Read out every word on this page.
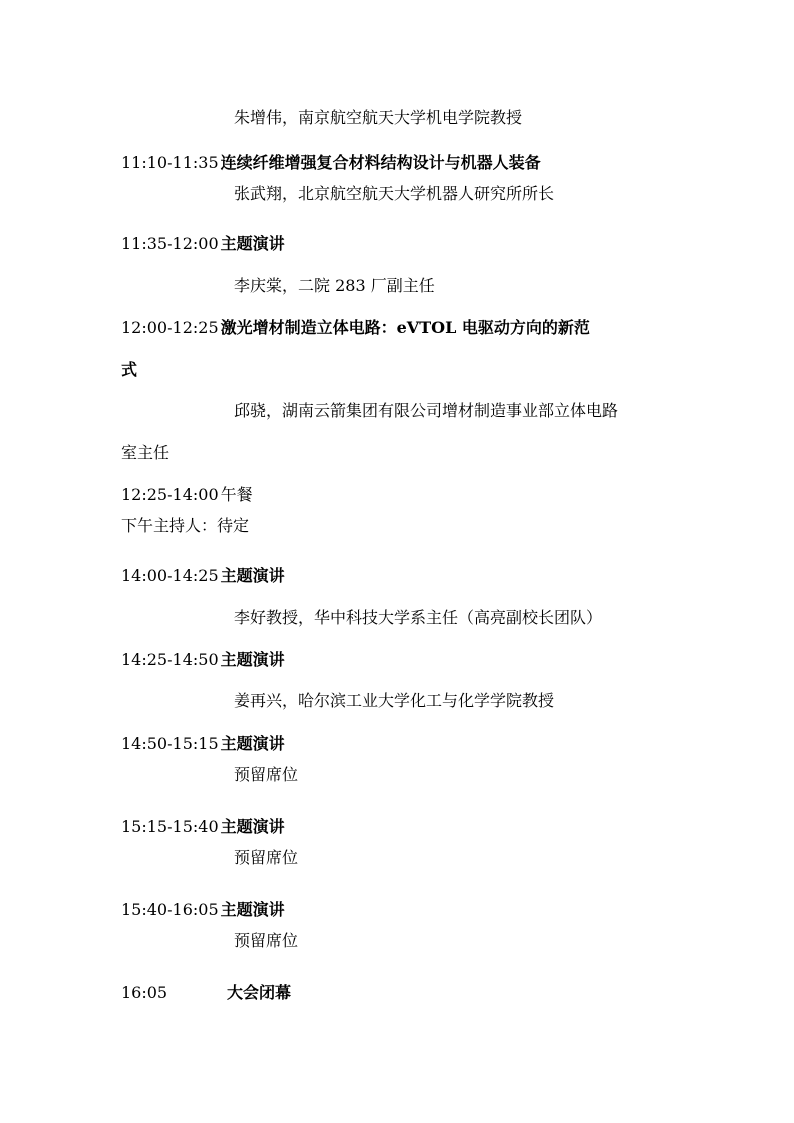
朱增伟，南京航空航天大学机电学院教授
11:10-11:35 连续纤维增强复合材料结构设计与机器人装备
张武翔，北京航空航天大学机器人研究所所长
11:35-12:00 主题演讲
李庆棠，二院 283 厂副主任
12:00-12:25 激光增材制造立体电路：eVTOL 电驱动方向的新范
式
邱骁，湖南云箭集团有限公司增材制造事业部立体电路
室主任
12:25-14:00 午餐
下午主持人：待定
14:00-14:25 主题演讲
李好教授，华中科技大学系主任（高亮副校长团队）
14:25-14:50 主题演讲
姜再兴，哈尔滨工业大学化工与化学学院教授
14:50-15:15 主题演讲
预留席位
15:15-15:40 主题演讲
预留席位
15:40-16:05 主题演讲
预留席位
16:05	大会闭幕
